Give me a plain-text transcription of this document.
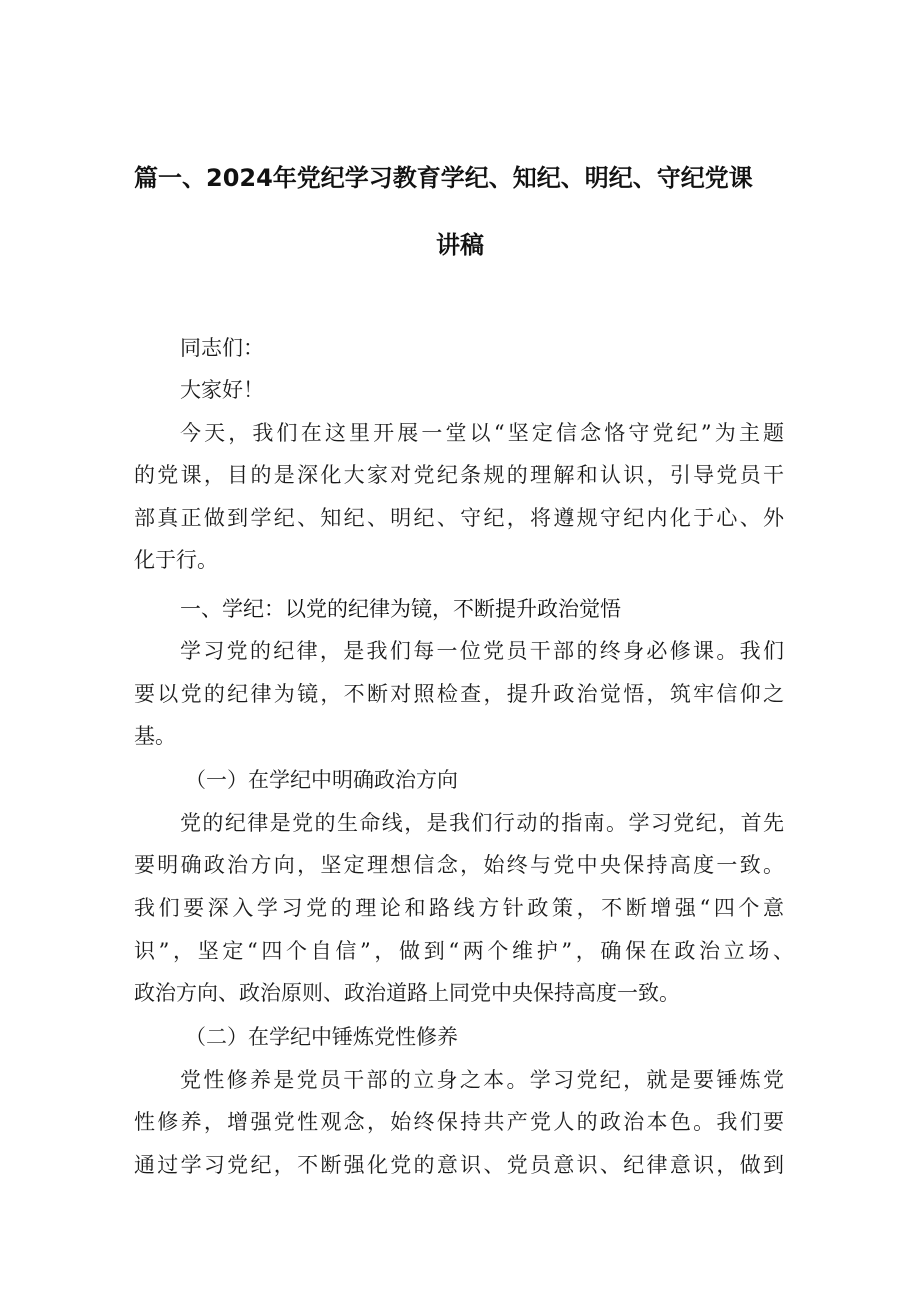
篇一、2024年党纪学习教育学纪、知纪、明纪、守纪党课
讲稿
同志们：
大家好！
今天，我们在这里开展一堂以“坚定信念恪守党纪”为主题
的党课，目的是深化大家对党纪条规的理解和认识，引导党员干
部真正做到学纪、知纪、明纪、守纪，将遵规守纪内化于心、外
化于行。
一、学纪：以党的纪律为镜，不断提升政治觉悟
学习党的纪律，是我们每一位党员干部的终身必修课。我们
要以党的纪律为镜，不断对照检查，提升政治觉悟，筑牢信仰之
基。
（一）在学纪中明确政治方向
党的纪律是党的生命线，是我们行动的指南。学习党纪，首先
要明确政治方向，坚定理想信念，始终与党中央保持高度一致。
我们要深入学习党的理论和路线方针政策，不断增强“四个意
识”，坚定“四个自信”，做到“两个维护”，确保在政治立场、
政治方向、政治原则、政治道路上同党中央保持高度一致。
（二）在学纪中锤炼党性修养
党性修养是党员干部的立身之本。学习党纪，就是要锤炼党
性修养，增强党性观念，始终保持共产党人的政治本色。我们要
通过学习党纪，不断强化党的意识、党员意识、纪律意识，做到
